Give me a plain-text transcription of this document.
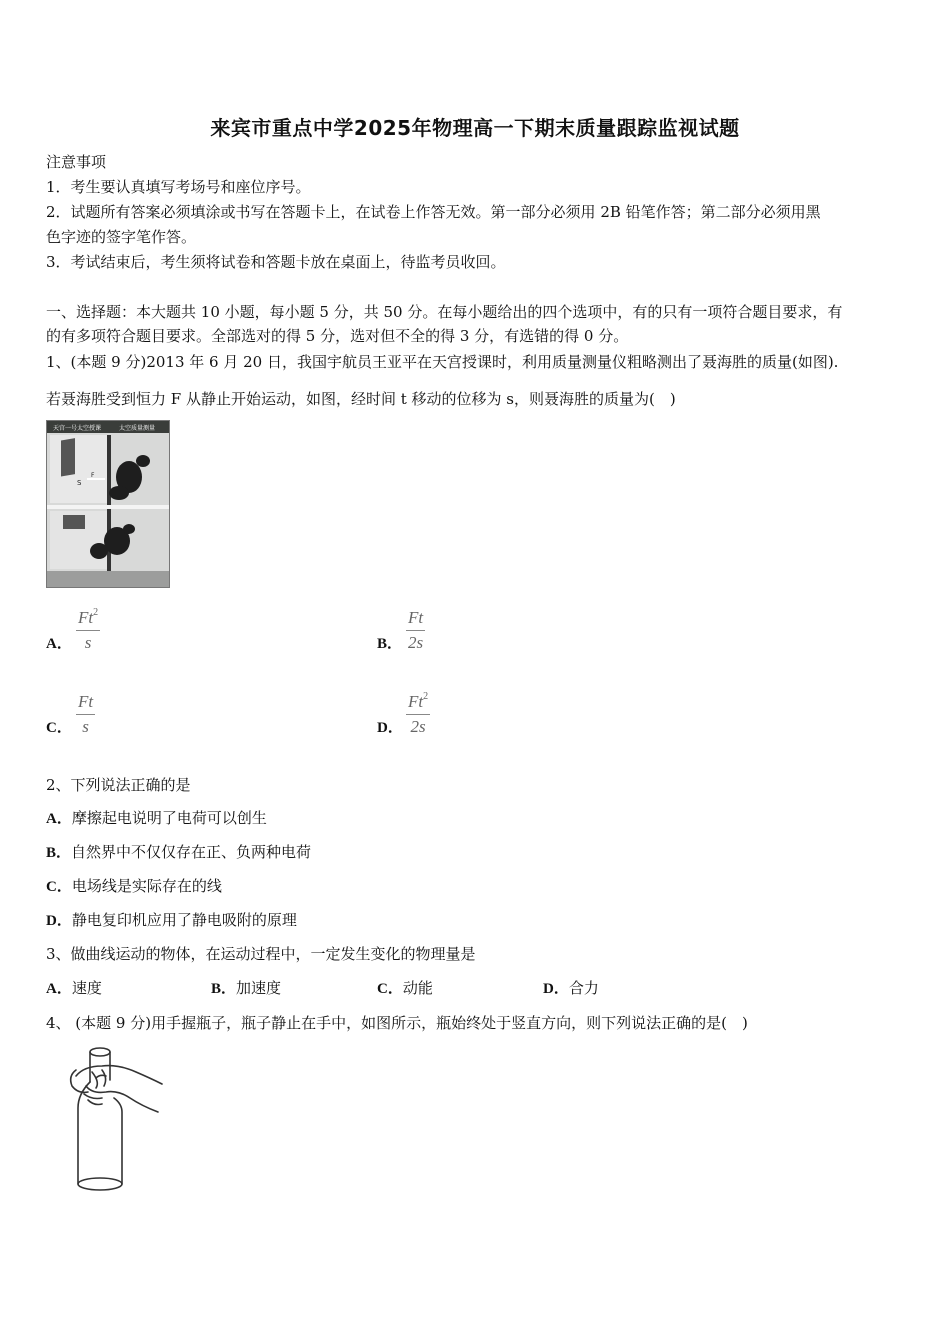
来宾市重点中学2025年物理高一下期末质量跟踪监视试题
注意事项
1．考生要认真填写考场号和座位序号。
2．试题所有答案必须填涂或书写在答题卡上，在试卷上作答无效。第一部分必须用 2B 铅笔作答；第二部分必须用黑
色字迹的签字笔作答。
3．考试结束后，考生须将试卷和答题卡放在桌面上，待监考员收回。
一、选择题：本大题共 10 小题，每小题 5 分，共 50 分。在每小题给出的四个选项中，有的只有一项符合题目要求，有
的有多项符合题目要求。全部选对的得 5 分，选对但不全的得 3 分，有选错的得 0 分。
1、(本题 9 分)2013 年 6 月 20 日，我国宇航员王亚平在天宫授课时，利用质量测量仪粗略测出了聂海胜的质量(如图).
若聂海胜受到恒力 F 从静止开始运动，如图，经时间 t 移动的位移为 s，则聂海胜的质量为(　)
天宫一号太空授课	太空质量测量
S
F
A． $\frac{Ft^2}{s}$	B． $\frac{Ft}{2s}$
C． $\frac{Ft}{s}$	D． $\frac{Ft^2}{2s}$
2、下列说法正确的是
A．摩擦起电说明了电荷可以创生
B．自然界中不仅仅存在正、负两种电荷
C．电场线是实际存在的线
D．静电复印机应用了静电吸附的原理
3、做曲线运动的物体，在运动过程中，一定发生变化的物理量是
A．速度	B．加速度	C．动能	D．合力
4、 (本题 9 分)用手握瓶子，瓶子静止在手中，如图所示，瓶始终处于竖直方向，则下列说法正确的是(　)
